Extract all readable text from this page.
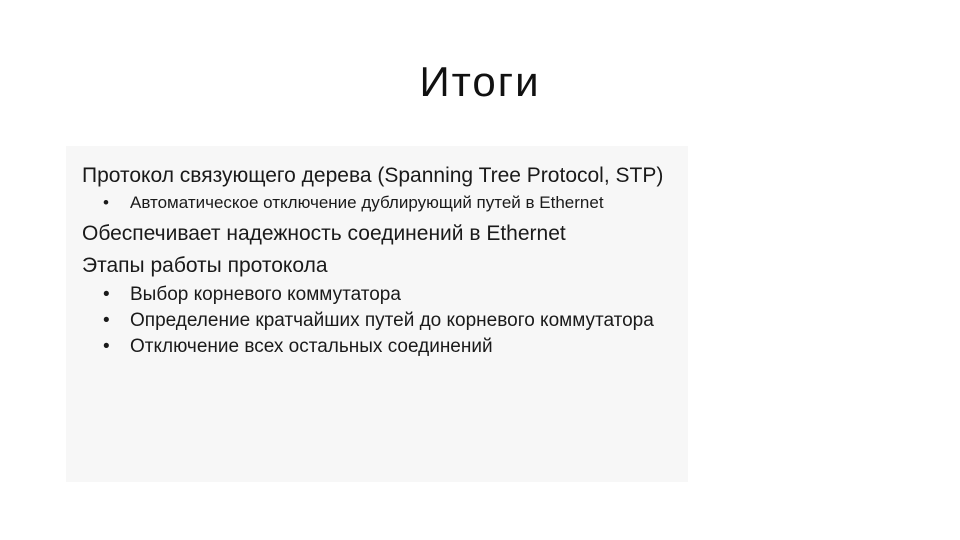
Итоги

Протокол связующего дерева (Spanning Tree Protocol, STP)

• Автоматическое отключение дублирующий путей в Ethernet

Обеспечивает надежность соединений в Ethernet

Этапы работы протокола

• Выбор корневого коммутатора
• Определение кратчайших путей до корневого коммутатора
• Отключение всех остальных соединений
